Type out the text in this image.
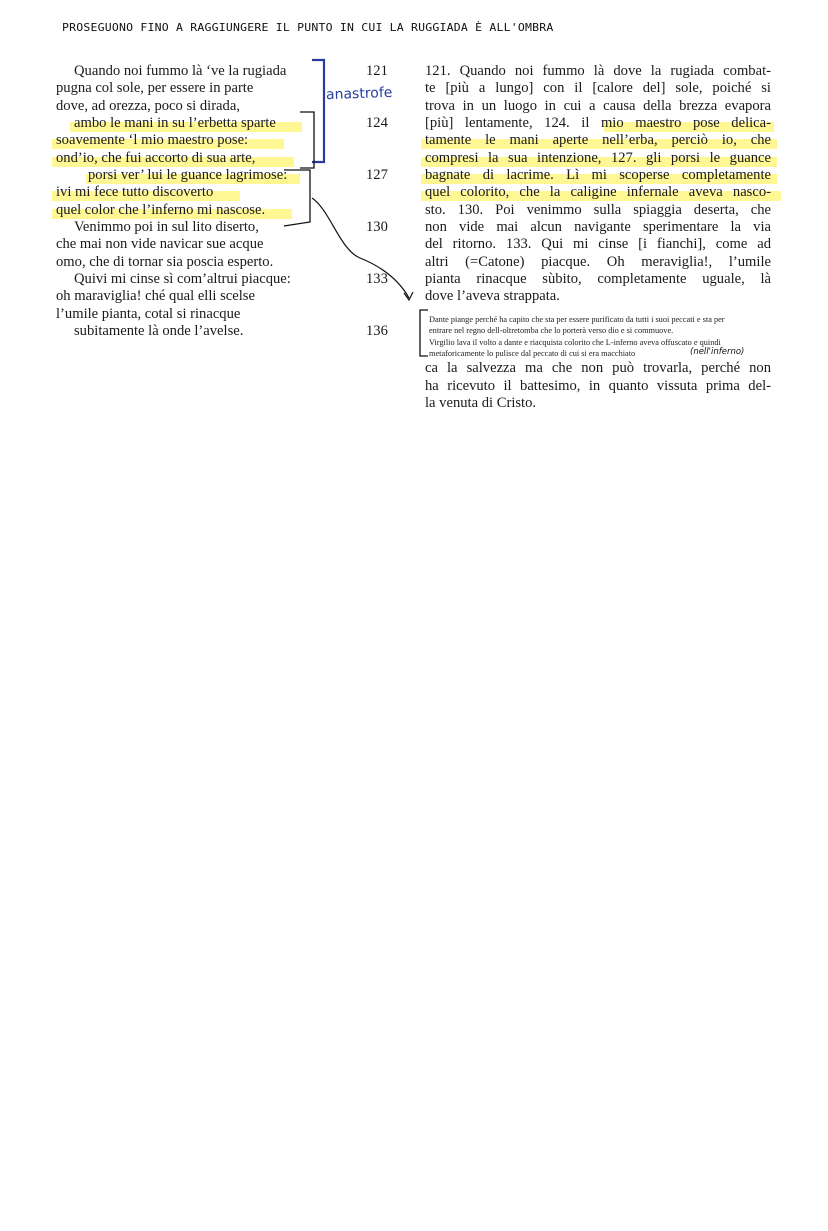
PROSEGUONO FINO A RAGGIUNGERE IL PUNTO IN CUI LA RUGGIADA È ALL'OMBRA
Quando noi fummo là ‘ve la rugiada
pugna col sole, per essere in parte
dove, ad orezza, poco si dirada,
ambo le mani in su l’erbetta sparte
soavemente ‘l mio maestro pose:
ond’io, che fui accorto di sua arte,
porsi ver’ lui le guance lagrimose:
ivi mi fece tutto discoverto
quel color che l’inferno mi nascose.
Venimmo poi in sul lito diserto,
che mai non vide navicar sue acque
omo, che di tornar sia poscia esperto.
Quivi mi cinse sì com’altrui piacque:
oh maraviglia! ché qual elli scelse
l’umile pianta, cotal si rinacque
subitamente là onde l’avelse.
121
124
127
130
133
136
121. Quando noi fummo là dove la rugiada combat-
te [più a lungo] con il [calore del] sole, poiché si
trova in un luogo in cui a causa della brezza evapora
[più] lentamente, 124. il mio maestro pose delica-
tamente le mani aperte nell’erba, perciò io, che
compresi la sua intenzione, 127. gli porsi le guance
bagnate di lacrime. Lì mi scoperse completamente
quel colorito, che la caligine infernale aveva nasco-
sto. 130. Poi venimmo sulla spiaggia deserta, che
non vide mai alcun navigante sperimentare la via
del ritorno. 133. Qui mi cinse [i fianchi], come ad
altri (=Catone) piacque. Oh meraviglia!, l’umile
pianta rinacque sùbito, completamente uguale, là
dove l’aveva strappata.
Dante piange perché ha capito che sta per essere purificato da tutti i suoi peccati e sta per
entrare nel regno dell-oltretomba che lo porterà verso dio e si commuove.
Virgilio lava il volto a dante e riacquista colorito che L-inferno aveva offuscato e quindi
metaforicamente lo pulisce dal peccato di cui si era macchiato	(nell'inferno)
ca la salvezza ma che non può trovarla, perché non
ha ricevuto il battesimo, in quanto vissuta prima del-
la venuta di Cristo.
anastrofe
